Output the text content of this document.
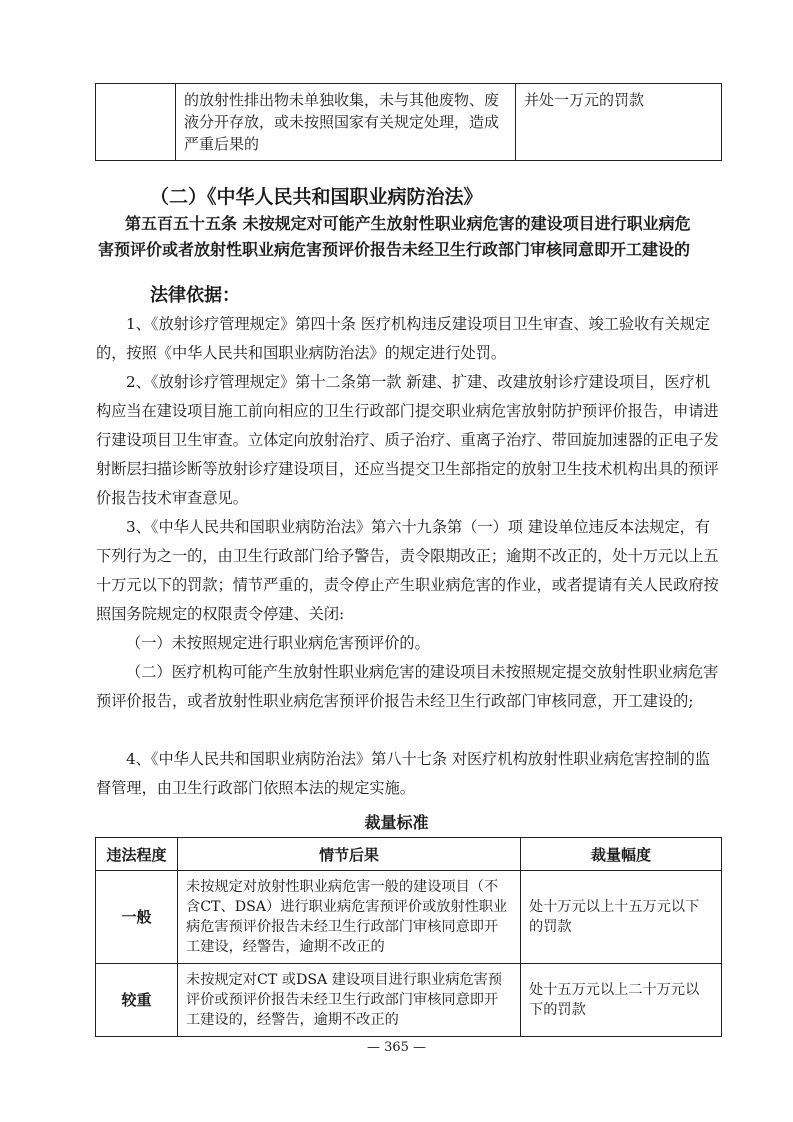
	的放射性排出物未单独收集，未与其他废物、废液分开存放，或未按照国家有关规定处理，造成严重后果的	并处一万元的罚款
（二）《中华人民共和国职业病防治法》
第五百五十五条 未按规定对可能产生放射性职业病危害的建设项目进行职业病危
害预评价或者放射性职业病危害预评价报告未经卫生行政部门审核同意即开工建设的
法律依据：
1、《放射诊疗管理规定》第四十条 医疗机构违反建设项目卫生审查、竣工验收有关规定的，按照《中华人民共和国职业病防治法》的规定进行处罚。
2、《放射诊疗管理规定》第十二条第一款 新建、扩建、改建放射诊疗建设项目，医疗机构应当在建设项目施工前向相应的卫生行政部门提交职业病危害放射防护预评价报告，申请进行建设项目卫生审查。立体定向放射治疗、质子治疗、重离子治疗、带回旋加速器的正电子发射断层扫描诊断等放射诊疗建设项目，还应当提交卫生部指定的放射卫生技术机构出具的预评价报告技术审查意见。
3、《中华人民共和国职业病防治法》第六十九条第（一）项 建设单位违反本法规定，有下列行为之一的，由卫生行政部门给予警告，责令限期改正；逾期不改正的，处十万元以上五十万元以下的罚款；情节严重的，责令停止产生职业病危害的作业，或者提请有关人民政府按照国务院规定的权限责令停建、关闭:
（一）未按照规定进行职业病危害预评价的。
（二）医疗机构可能产生放射性职业病危害的建设项目未按照规定提交放射性职业病危害预评价报告，或者放射性职业病危害预评价报告未经卫生行政部门审核同意，开工建设的;
4、《中华人民共和国职业病防治法》第八十七条 对医疗机构放射性职业病危害控制的监督管理，由卫生行政部门依照本法的规定实施。
裁量标准
违法程度	情节后果	裁量幅度
一般	未按规定对放射性职业病危害一般的建设项目（不含CT、DSA）进行职业病危害预评价或放射性职业病危害预评价报告未经卫生行政部门审核同意即开工建设，经警告，逾期不改正的	处十万元以上十五万元以下的罚款
较重	未按规定对CT 或DSA 建设项目进行职业病危害预评价或预评价报告未经卫生行政部门审核同意即开工建设的，经警告，逾期不改正的	处十五万元以上二十万元以下的罚款
— 365 —
